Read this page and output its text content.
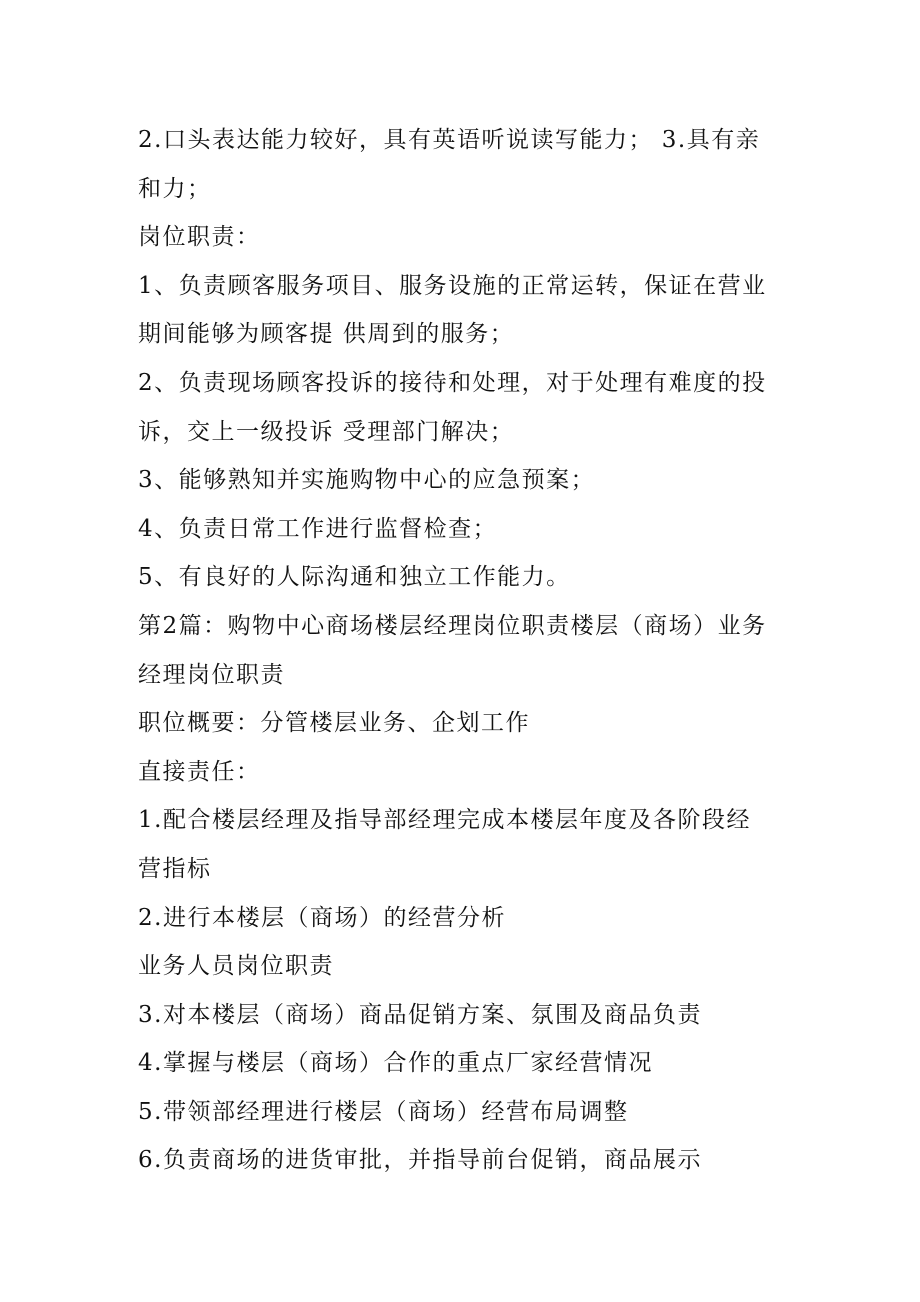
2.口头表达能力较好，具有英语听说读写能力； 3.具有亲
和力；
岗位职责：
1、负责顾客服务项目、服务设施的正常运转，保证在营业
期间能够为顾客提 供周到的服务；
2、负责现场顾客投诉的接待和处理，对于处理有难度的投
诉，交上一级投诉 受理部门解决；
3、能够熟知并实施购物中心的应急预案；
4、负责日常工作进行监督检查；
5、有良好的人际沟通和独立工作能力。
第2篇：购物中心商场楼层经理岗位职责楼层（商场）业务
经理岗位职责
职位概要：分管楼层业务、企划工作
直接责任：
1.配合楼层经理及指导部经理完成本楼层年度及各阶段经
营指标
2.进行本楼层（商场）的经营分析
业务人员岗位职责
3.对本楼层（商场）商品促销方案、氛围及商品负责
4.掌握与楼层（商场）合作的重点厂家经营情况
5.带领部经理进行楼层（商场）经营布局调整
6.负责商场的进货审批，并指导前台促销，商品展示
